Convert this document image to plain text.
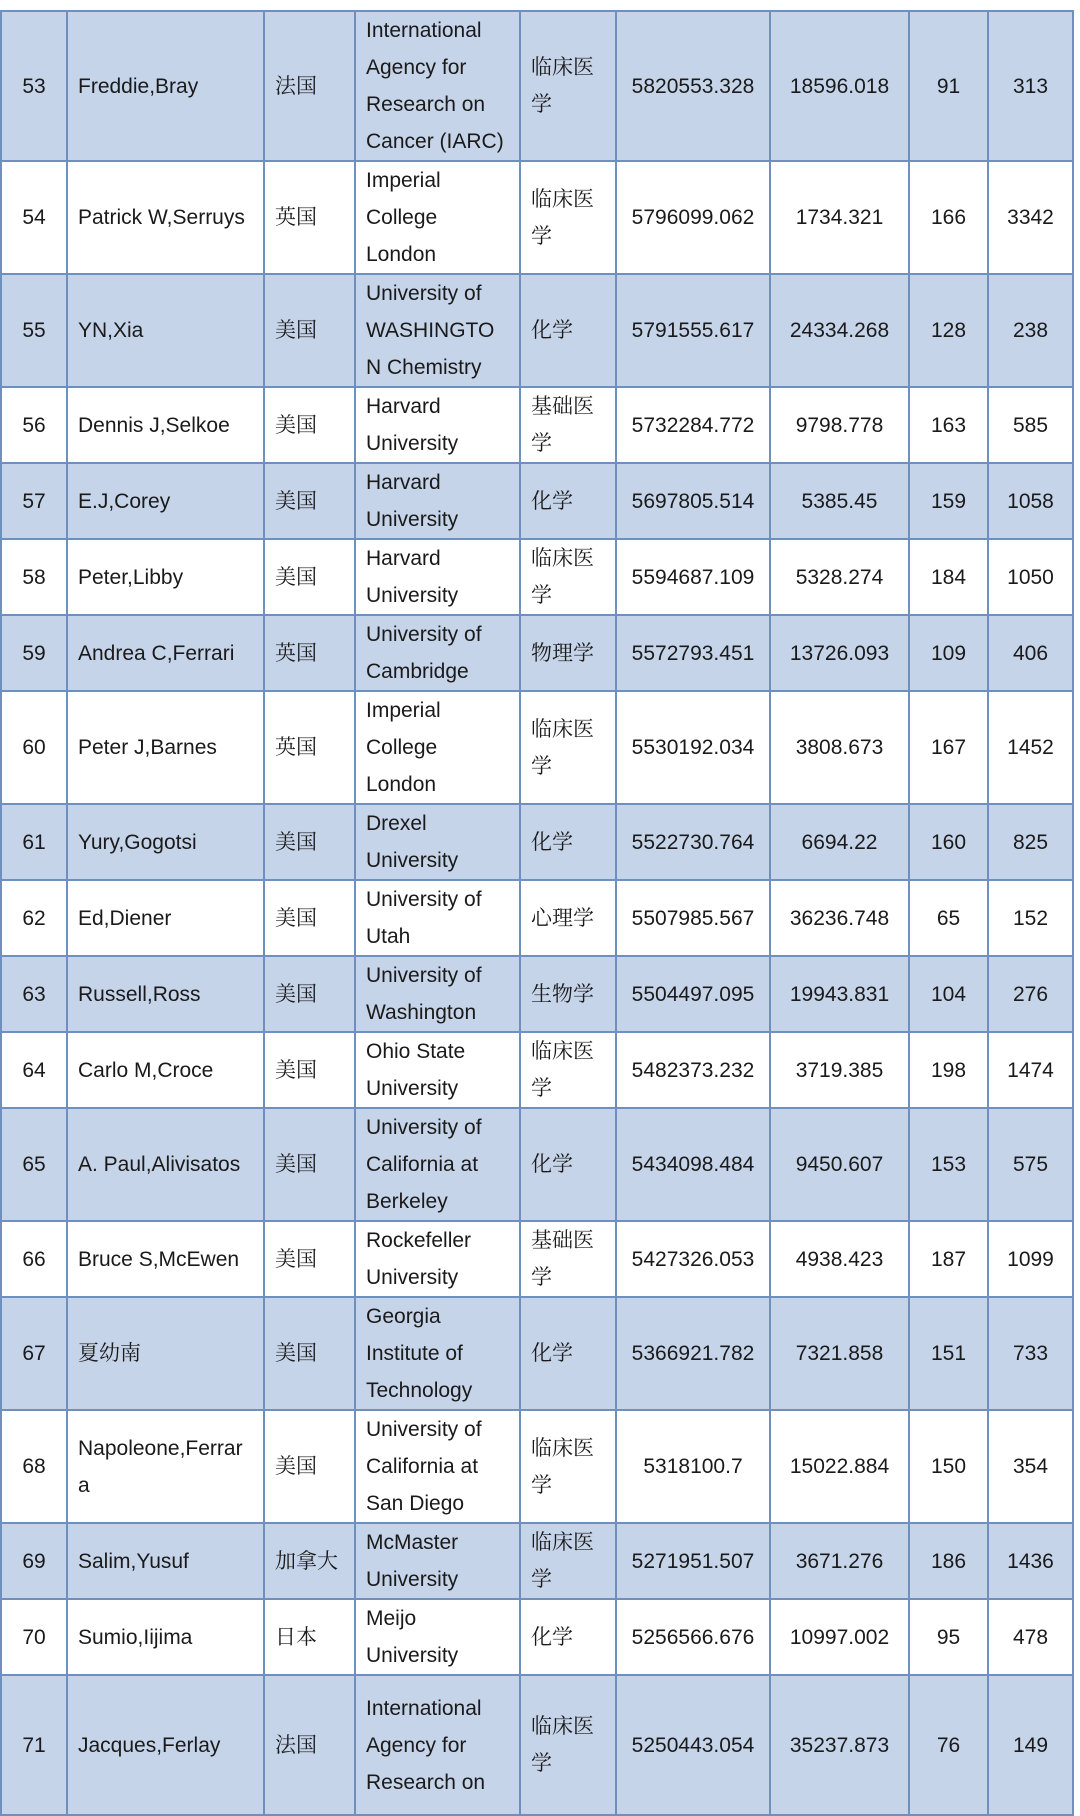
53	Freddie,Bray	法国	International Agency for Research on Cancer (IARC)	临床医学	5820553.328	18596.018	91	313
54	Patrick W,Serruys	英国	Imperial College London	临床医学	5796099.062	1734.321	166	3342
55	YN,Xia	美国	University of WASHINGTON Chemistry	化学	5791555.617	24334.268	128	238
56	Dennis J,Selkoe	美国	Harvard University	基础医学	5732284.772	9798.778	163	585
57	E.J,Corey	美国	Harvard University	化学	5697805.514	5385.45	159	1058
58	Peter,Libby	美国	Harvard University	临床医学	5594687.109	5328.274	184	1050
59	Andrea C,Ferrari	英国	University of Cambridge	物理学	5572793.451	13726.093	109	406
60	Peter J,Barnes	英国	Imperial College London	临床医学	5530192.034	3808.673	167	1452
61	Yury,Gogotsi	美国	Drexel University	化学	5522730.764	6694.22	160	825
62	Ed,Diener	美国	University of Utah	心理学	5507985.567	36236.748	65	152
63	Russell,Ross	美国	University of Washington	生物学	5504497.095	19943.831	104	276
64	Carlo M,Croce	美国	Ohio State University	临床医学	5482373.232	3719.385	198	1474
65	A. Paul,Alivisatos	美国	University of California at Berkeley	化学	5434098.484	9450.607	153	575
66	Bruce S,McEwen	美国	Rockefeller University	基础医学	5427326.053	4938.423	187	1099
67	夏幼南	美国	Georgia Institute of Technology	化学	5366921.782	7321.858	151	733
68	Napoleone,Ferrara	美国	University of California at San Diego	临床医学	5318100.7	15022.884	150	354
69	Salim,Yusuf	加拿大	McMaster University	临床医学	5271951.507	3671.276	186	1436
70	Sumio,Iijima	日本	Meijo University	化学	5256566.676	10997.002	95	478
71	Jacques,Ferlay	法国	International Agency for Research on	临床医学	5250443.054	35237.873	76	149
